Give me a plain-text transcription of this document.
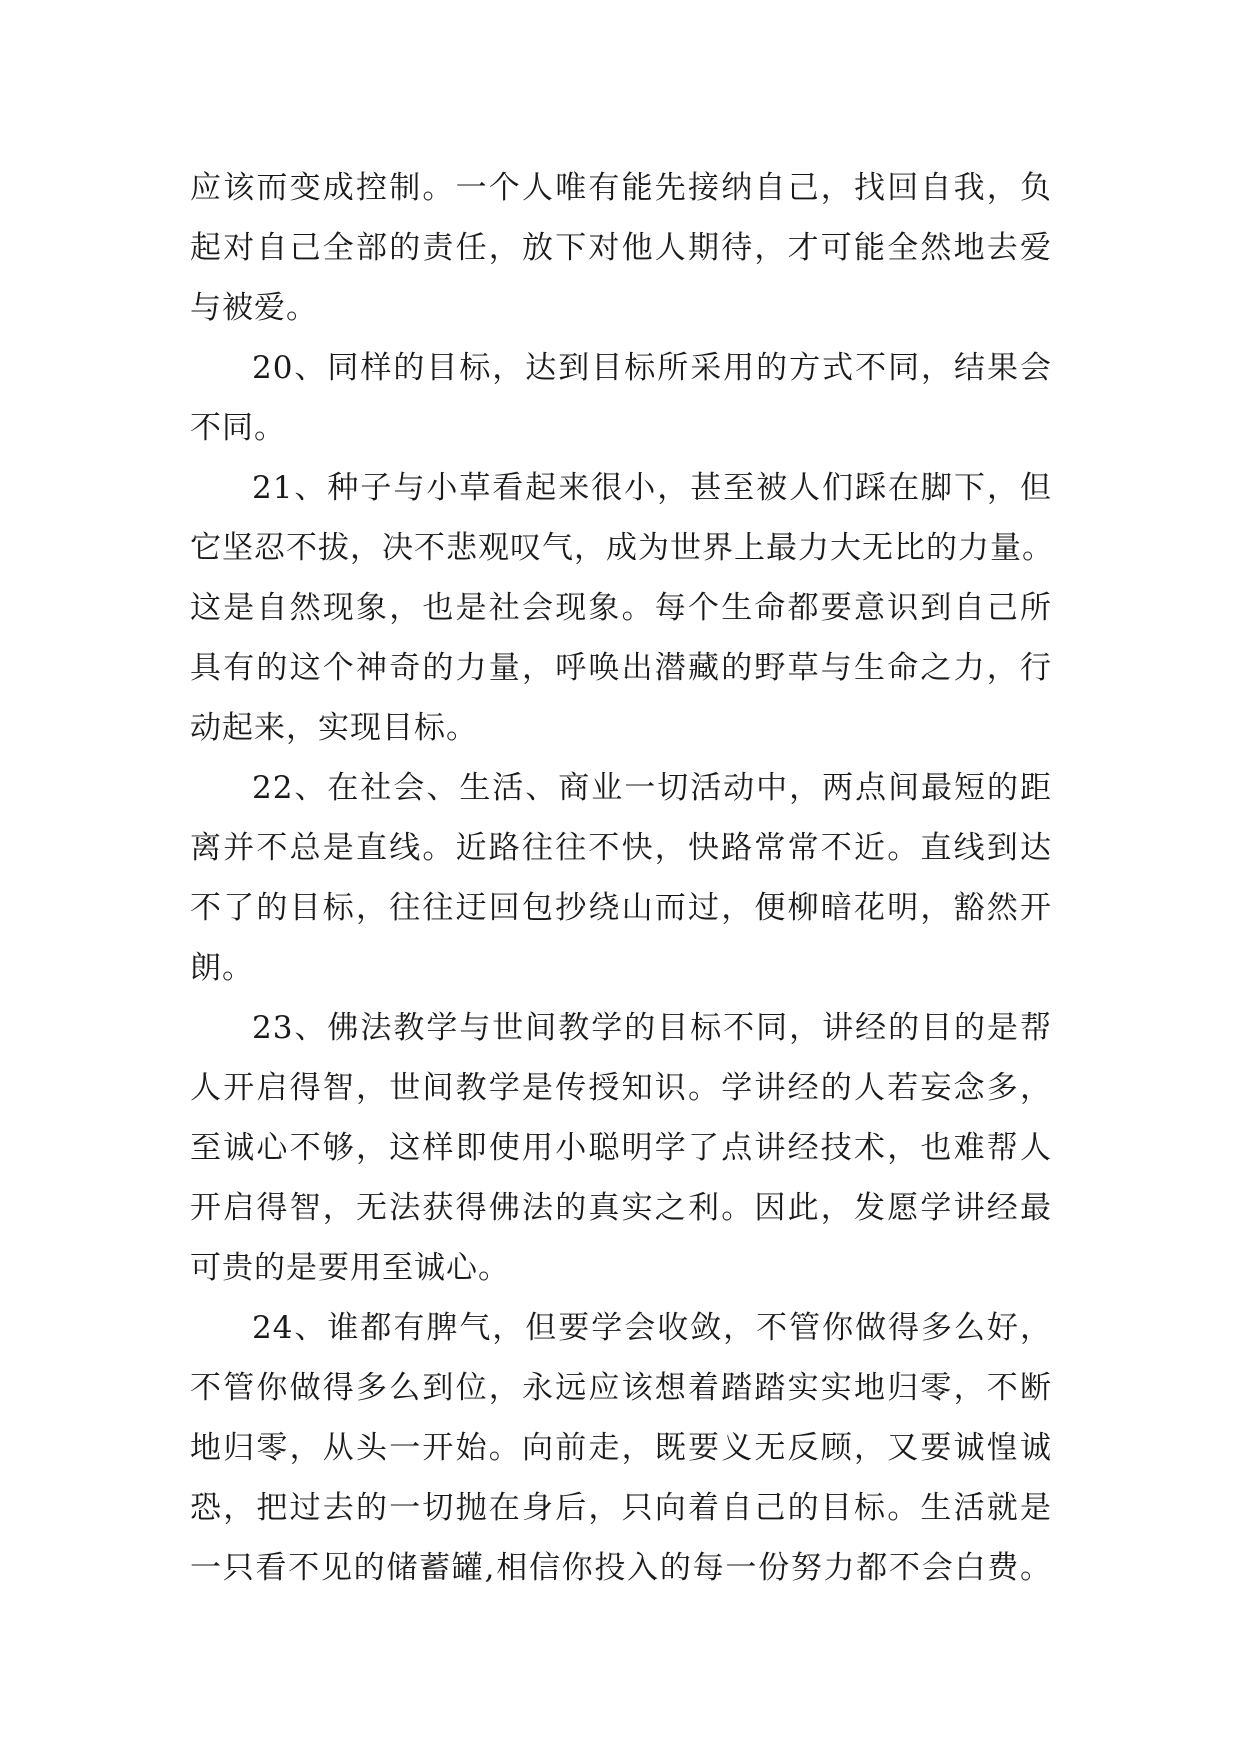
应该而变成控制。一个人唯有能先接纳自己，找回自我，负
起对自己全部的责任，放下对他人期待，才可能全然地去爱
与被爱。
20、同样的目标，达到目标所采用的方式不同，结果会
不同。
21、种子与小草看起来很小，甚至被人们踩在脚下，但
它坚忍不拔，决不悲观叹气，成为世界上最力大无比的力量。
这是自然现象，也是社会现象。每个生命都要意识到自己所
具有的这个神奇的力量，呼唤出潜藏的野草与生命之力，行
动起来，实现目标。
22、在社会、生活、商业一切活动中，两点间最短的距
离并不总是直线。近路往往不快，快路常常不近。直线到达
不了的目标，往往迂回包抄绕山而过，便柳暗花明，豁然开
朗。
23、佛法教学与世间教学的目标不同，讲经的目的是帮
人开启得智，世间教学是传授知识。学讲经的人若妄念多，
至诚心不够，这样即使用小聪明学了点讲经技术，也难帮人
开启得智，无法获得佛法的真实之利。因此，发愿学讲经最
可贵的是要用至诚心。
24、谁都有脾气，但要学会收敛，不管你做得多么好，
不管你做得多么到位，永远应该想着踏踏实实地归零，不断
地归零，从头一开始。向前走，既要义无反顾，又要诚惶诚
恐，把过去的一切抛在身后，只向着自己的目标。生活就是
一只看不见的储蓄罐,相信你投入的每一份努力都不会白费。
